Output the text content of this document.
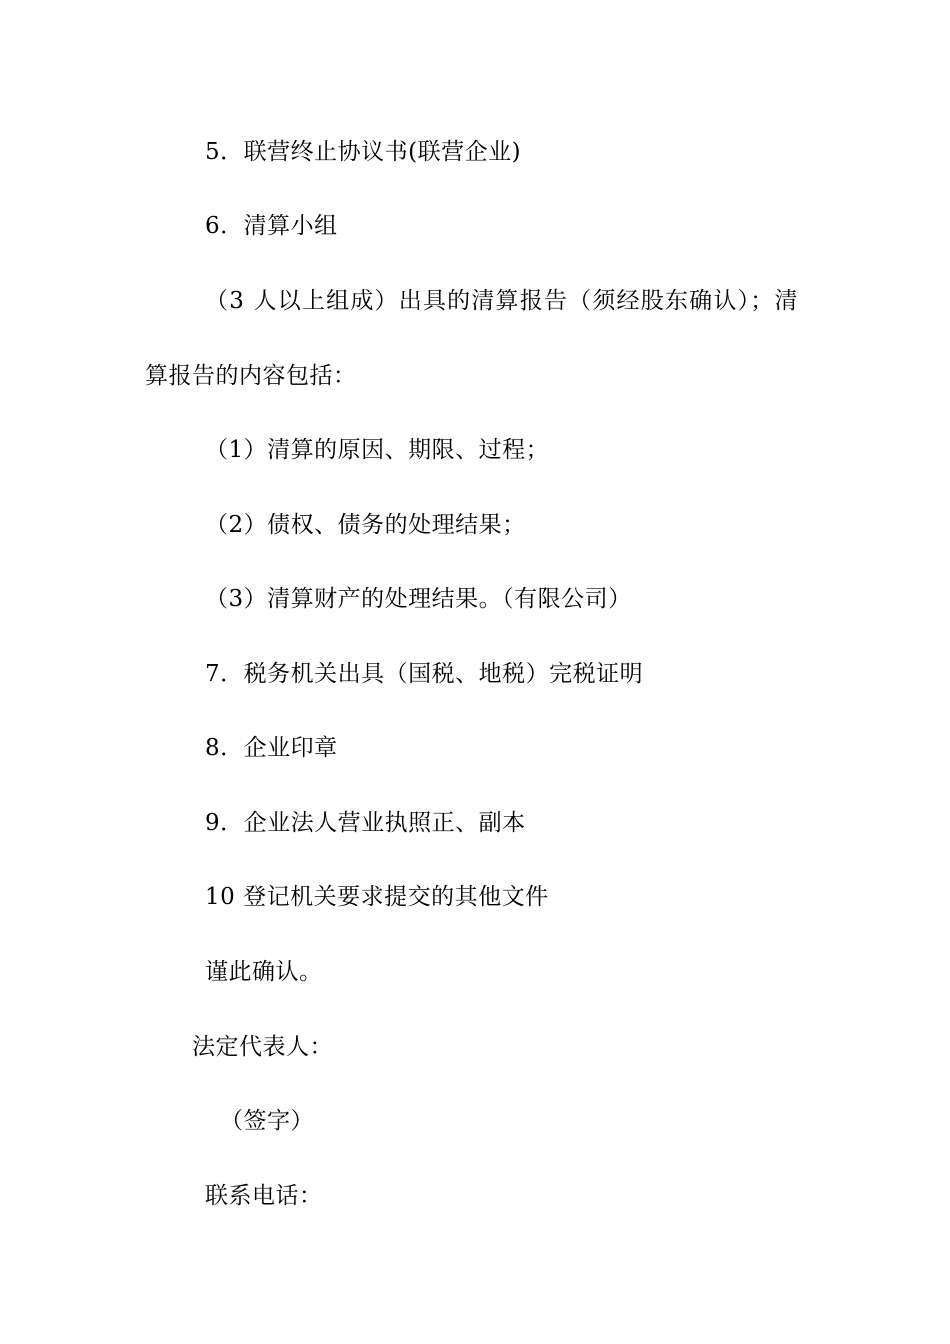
5．联营终止协议书(联营企业)

6．清算小组

（3 人以上组成）出具的清算报告（须经股东确认）；清

算报告的内容包括：

（1）清算的原因、期限、过程；

（2）债权、债务的处理结果；

（3）清算财产的处理结果。（有限公司）

7．税务机关出具（国税、地税）完税证明

8．企业印章

9．企业法人营业执照正、副本

10 登记机关要求提交的其他文件

谨此确认。

法定代表人：

（签字）

联系电话：
